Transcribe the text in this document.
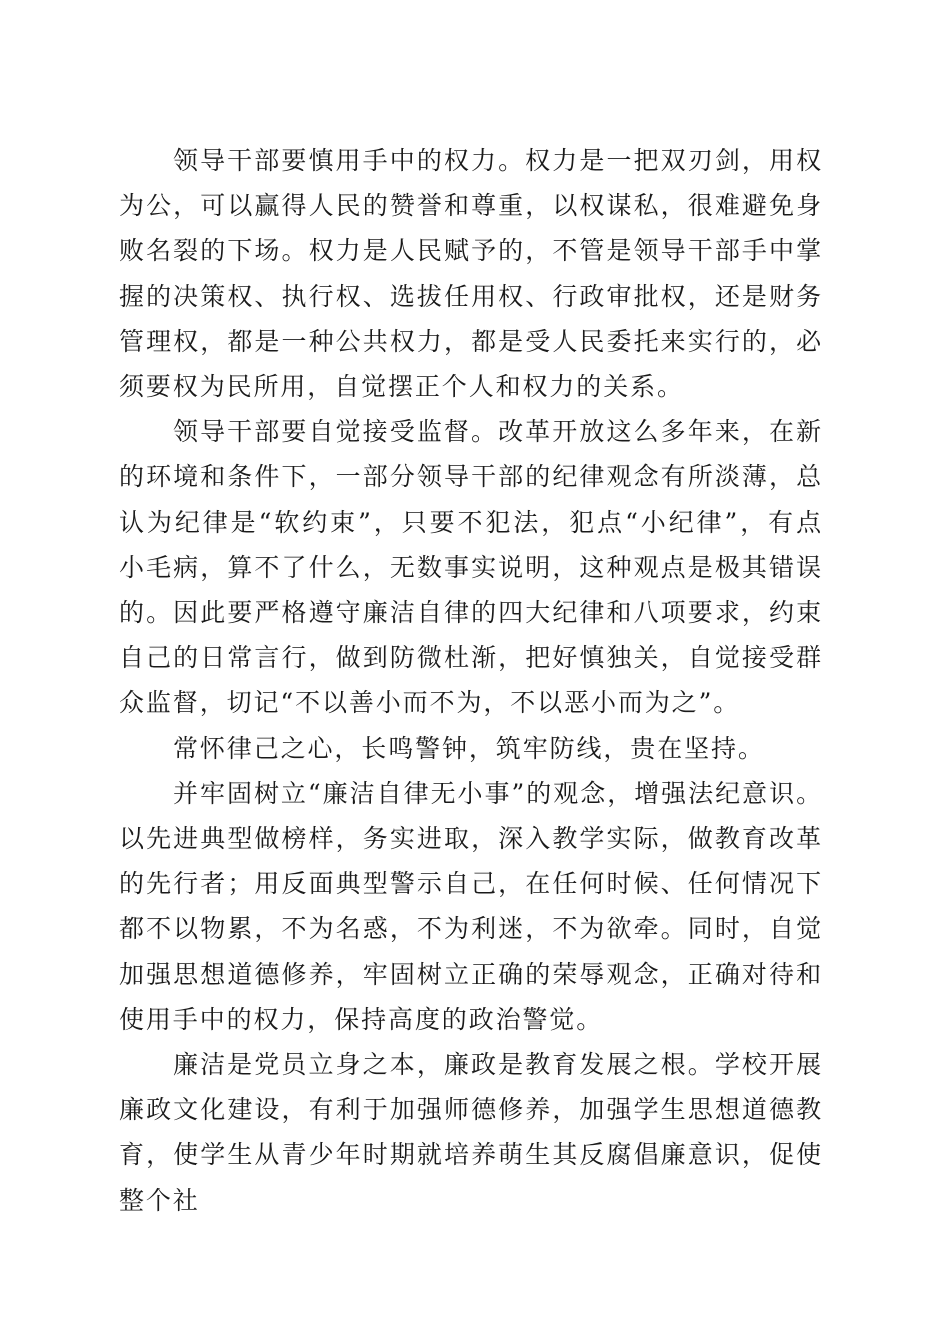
领导干部要慎用手中的权力。权力是一把双刃剑，用权为公，可以赢得人民的赞誉和尊重，以权谋私，很难避免身败名裂的下场。权力是人民赋予的，不管是领导干部手中掌握的决策权、执行权、选拔任用权、行政审批权，还是财务管理权，都是一种公共权力，都是受人民委托来实行的，必须要权为民所用，自觉摆正个人和权力的关系。

领导干部要自觉接受监督。改革开放这么多年来，在新的环境和条件下，一部分领导干部的纪律观念有所淡薄，总认为纪律是“软约束”，只要不犯法，犯点“小纪律”，有点小毛病，算不了什么，无数事实说明，这种观点是极其错误的。因此要严格遵守廉洁自律的四大纪律和八项要求，约束自己的日常言行，做到防微杜渐，把好慎独关，自觉接受群众监督，切记“不以善小而不为，不以恶小而为之”。

常怀律己之心，长鸣警钟，筑牢防线，贵在坚持。

并牢固树立“廉洁自律无小事”的观念，增强法纪意识。以先进典型做榜样，务实进取，深入教学实际，做教育改革的先行者；用反面典型警示自己，在任何时候、任何情况下都不以物累，不为名惑，不为利迷，不为欲牵。同时，自觉加强思想道德修养，牢固树立正确的荣辱观念，正确对待和使用手中的权力，保持高度的政治警觉。

廉洁是党员立身之本，廉政是教育发展之根。学校开展廉政文化建设，有利于加强师德修养，加强学生思想道德教育，使学生从青少年时期就培养萌生其反腐倡廉意识，促使整个社
